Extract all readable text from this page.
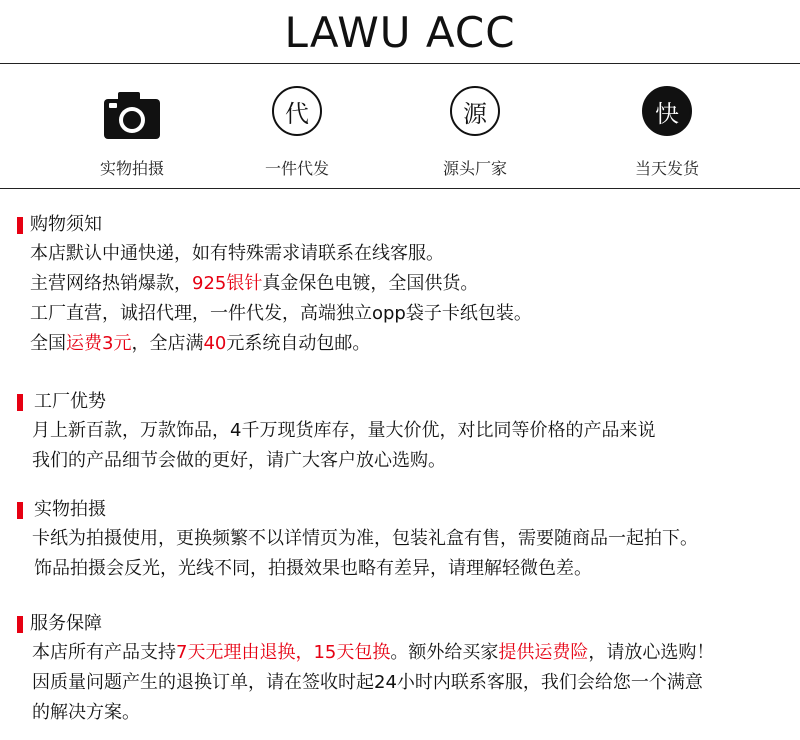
LAWU ACC
实物拍摄
代
一件代发
源
源头厂家
快
当天发货
购物须知
本店默认中通快递，如有特殊需求请联系在线客服。
主营网络热销爆款，925银针真金保色电镀，全国供货。
工厂直营，诚招代理，一件代发，高端独立opp袋子卡纸包装。
全国运费3元，全店满40元系统自动包邮。
工厂优势
月上新百款，万款饰品，4千万现货库存，量大价优，对比同等价格的产品来说
我们的产品细节会做的更好，请广大客户放心选购。
实物拍摄
卡纸为拍摄使用，更换频繁不以详情页为准，包装礼盒有售，需要随商品一起拍下。
饰品拍摄会反光，光线不同，拍摄效果也略有差异，请理解轻微色差。
服务保障
本店所有产品支持7天无理由退换，15天包换。额外给买家提供运费险，请放心选购！
因质量问题产生的退换订单，请在签收时起24小时内联系客服，我们会给您一个满意
的解决方案。
